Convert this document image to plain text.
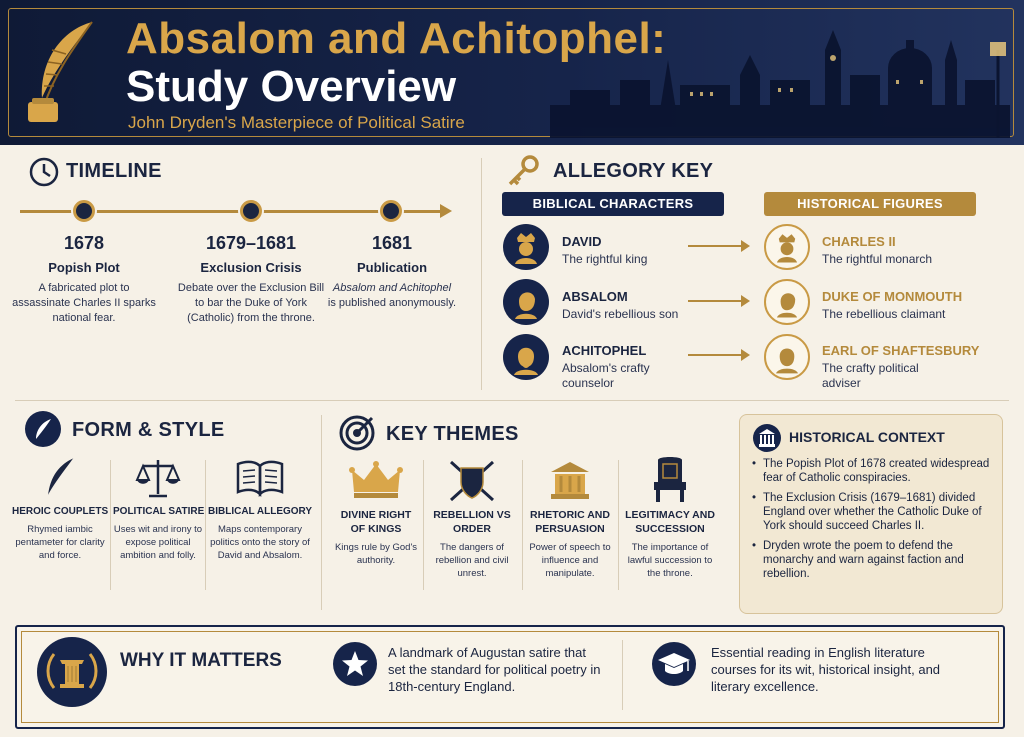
Absalom and Achitophel:
Study Overview
John Dryden's Masterpiece of Political Satire
TIMELINE
1678
Popish Plot
A fabricated plot to assassinate Charles II sparks national fear.
1679–1681
Exclusion Crisis
Debate over the Exclusion Bill to bar the Duke of York (Catholic) from the throne.
1681
Publication
Absalom and Achitophel
is published anonymously.
ALLEGORY KEY
BIBLICAL CHARACTERS	HISTORICAL FIGURES
DAVID
The rightful king
CHARLES II
The rightful monarch
ABSALOM
David's rebellious son
DUKE OF MONMOUTH
The rebellious claimant
ACHITOPHEL
Absalom's crafty counselor
EARL OF SHAFTESBURY
The crafty political adviser
FORM & STYLE
HEROIC COUPLETS
Rhymed iambic pentameter for clarity and force.
POLITICAL SATIRE
Uses wit and irony to expose political ambition and folly.
BIBLICAL ALLEGORY
Maps contemporary politics onto the story of David and Absalom.
KEY THEMES
DIVINE RIGHT OF KINGS
Kings rule by God's authority.
REBELLION VS ORDER
The dangers of rebellion and civil unrest.
RHETORIC AND PERSUASION
Power of speech to influence and manipulate.
LEGITIMACY AND SUCCESSION
The importance of lawful succession to the throne.
HISTORICAL CONTEXT
• The Popish Plot of 1678 created widespread fear of Catholic conspiracies.
• The Exclusion Crisis (1679–1681) divided England over whether the Catholic Duke of York should succeed Charles II.
• Dryden wrote the poem to defend the monarchy and warn against faction and rebellion.
WHY IT MATTERS	A landmark of Augustan satire that set the standard for political poetry in 18th-century England.
Essential reading in English literature courses for its wit, historical insight, and literary excellence.
